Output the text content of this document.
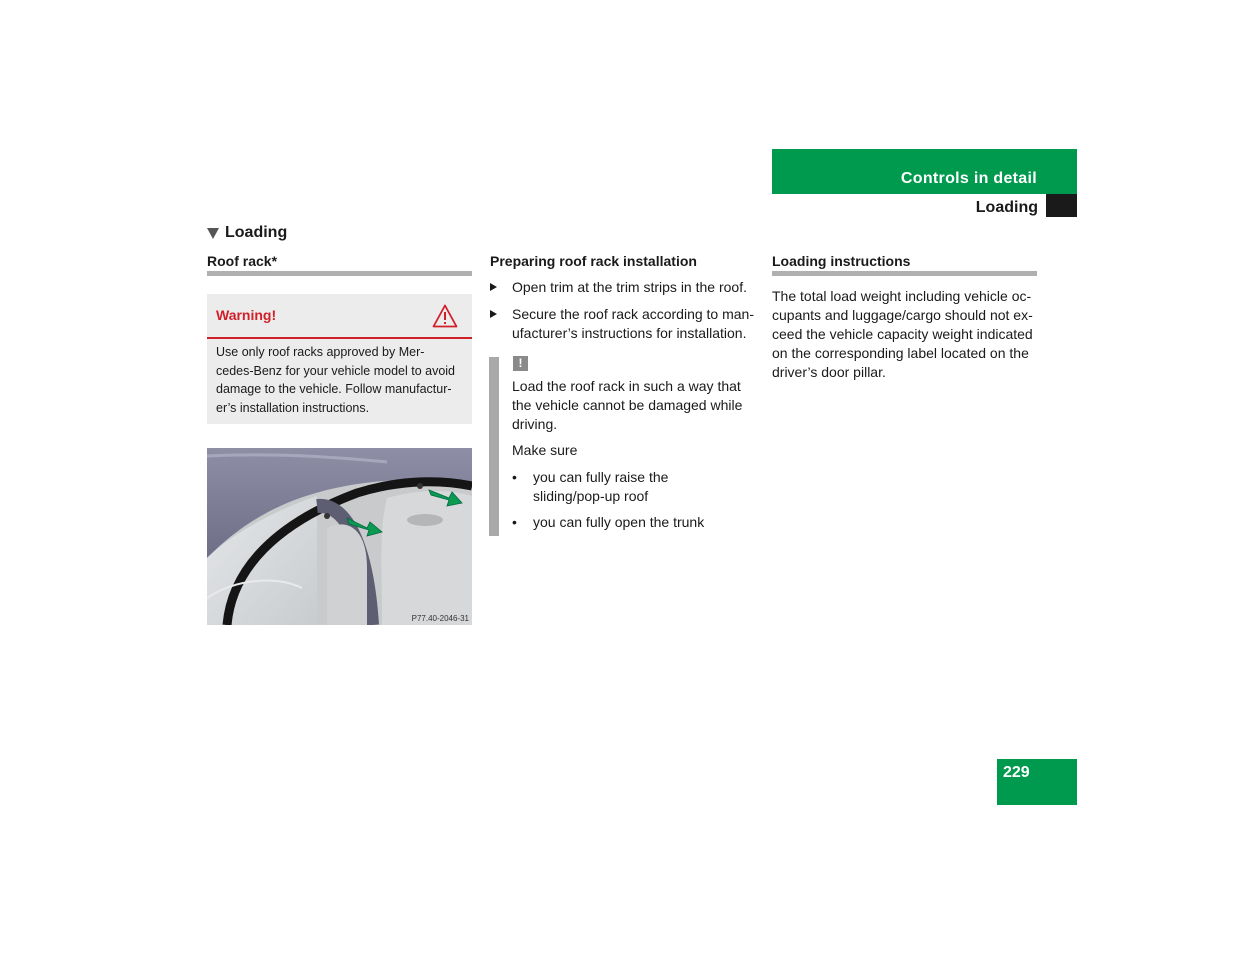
Controls in detail
Loading
Loading
Roof rack*
Warning!
Use only roof racks approved by Mer-
cedes-Benz for your vehicle model to avoid
damage to the vehicle. Follow manufactur-
er’s installation instructions.
P77.40-2046-31
Preparing roof rack installation
Open trim at the trim strips in the roof.
Secure the roof rack according to man-
ufacturer’s instructions for installation.
!
Load the roof rack in such a way that
the vehicle cannot be damaged while
driving.
Make sure
• you can fully raise the
sliding/pop-up roof
• you can fully open the trunk
Loading instructions
The total load weight including vehicle oc-
cupants and luggage/cargo should not ex-
ceed the vehicle capacity weight indicated
on the corresponding label located on the
driver’s door pillar.
229
